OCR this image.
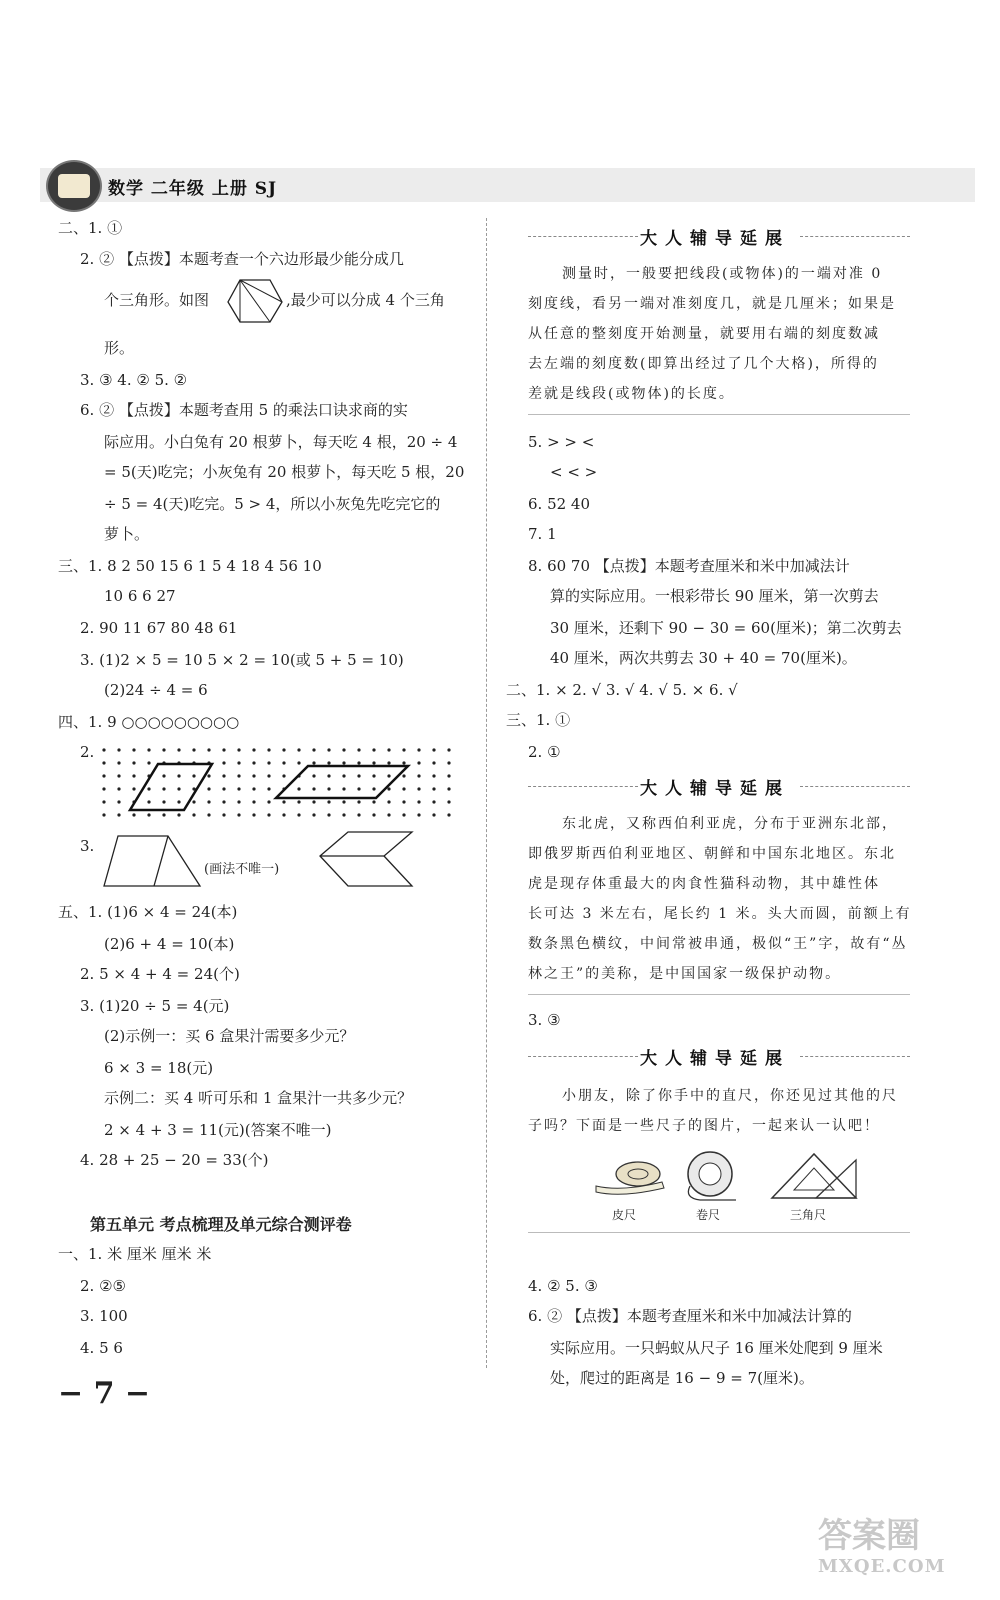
数学 二年级 上册 SJ
二、1. ①
2. ② 【点拨】本题考查一个六边形最少能分成几
个三角形。如图	,最少可以分成 4 个三角
形。
3. ③ 4. ② 5. ②
6. ② 【点拨】本题考查用 5 的乘法口诀求商的实
际应用。小白兔有 20 根萝卜，每天吃 4 根，20 ÷ 4
= 5(天)吃完；小灰兔有 20 根萝卜，每天吃 5 根，20
÷ 5 = 4(天)吃完。5 > 4，所以小灰兔先吃完它的
萝卜。
三、1. 8 2 50 15 6 1 5 4 18 4 56 10
10 6 6 27
2. 90 11 67 80 48 61
3. (1)2 × 5 = 10 5 × 2 = 10(或 5 + 5 = 10)
(2)24 ÷ 4 = 6
四、1. 9 ○○○○○○○○○
2.
3.
(画法不唯一)
五、1. (1)6 × 4 = 24(本)
(2)6 + 4 = 10(本)
2. 5 × 4 + 4 = 24(个)
3. (1)20 ÷ 5 = 4(元)
(2)示例一：买 6 盒果汁需要多少元？
6 × 3 = 18(元)
示例二：买 4 听可乐和 1 盒果汁一共多少元？
2 × 4 + 3 = 11(元)(答案不唯一)
4. 28 + 25 − 20 = 33(个)
第五单元 考点梳理及单元综合测评卷
一、1. 米 厘米 厘米 米
2. ②⑤
3. 100
4. 5 6
− 7 −
大人辅导延展
测量时，一般要把线段(或物体)的一端对准 0
刻度线，看另一端对准刻度几，就是几厘米；如果是
从任意的整刻度开始测量，就要用右端的刻度数减
去左端的刻度数(即算出经过了几个大格)，所得的
差就是线段(或物体)的长度。
5. > > <
< < >
6. 52 40
7. 1
8. 60 70 【点拨】本题考查厘米和米中加减法计
算的实际应用。一根彩带长 90 厘米，第一次剪去
30 厘米，还剩下 90 − 30 = 60(厘米)；第二次剪去
40 厘米，两次共剪去 30 + 40 = 70(厘米)。
二、1. × 2. √ 3. √ 4. √ 5. × 6. √
三、1. ①
2. ①
大人辅导延展
东北虎，又称西伯利亚虎，分布于亚洲东北部，
即俄罗斯西伯利亚地区、朝鲜和中国东北地区。东北
虎是现存体重最大的肉食性猫科动物，其中雄性体
长可达 3 米左右，尾长约 1 米。头大而圆，前额上有
数条黑色横纹，中间常被串通，极似“王”字，故有“丛
林之王”的美称，是中国国家一级保护动物。
3. ③
大人辅导延展
小朋友，除了你手中的直尺，你还见过其他的尺
子吗？下面是一些尺子的图片，一起来认一认吧！
皮尺	卷尺	三角尺
4. ② 5. ③
6. ② 【点拨】本题考查厘米和米中加减法计算的
实际应用。一只蚂蚁从尺子 16 厘米处爬到 9 厘米
处，爬过的距离是 16 − 9 = 7(厘米)。
答案圈
MXQE.COM
